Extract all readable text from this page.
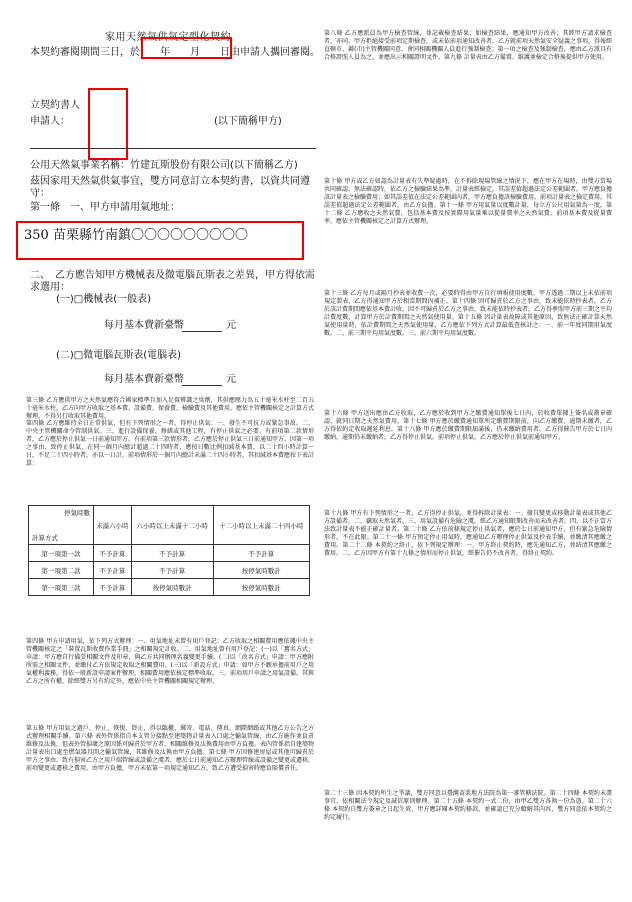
家用天然氣供氣定型化契約
本契約審閱期間三日，於　　年　　月　　日由申請人攜回審閱。
立契約書人
申請人：	(以下簡稱甲方)
公用天然氣事業名稱：竹建瓦斯股份有限公司(以下簡稱乙方)
茲因家用天然氣供氣事宜，雙方同意訂立本契約書，以資共同遵守：
第一條　一、甲方申請用氣地址：
350 苗栗縣竹南鎮〇〇〇〇〇〇〇〇〇
二、　乙方應告知甲方機械表及微電腦瓦斯表之差異，甲方得依需求選用：
(一)□機械表(一般表)
　　每月基本費新臺幣	元
(二)□微電腦瓦斯表(電腦表)
　　每月基本費新臺幣	元
第三條 乙方應供甲方之天然氣應符合國家標準且加入足資辨識之臭劑，其供應壓力為五十毫米水柱至二百五十毫米水柱。乙方向甲方收取之基本費、設備費、保養費、檢驗費及其他費用，應依主管機關核定之計算方式辦理，不得另行收取其他費用。
第四條 乙方應維持全日正常供氣，但有下列情形之一者，得停止供氣：一、發生不可抗力或緊急事故。二、中央主管機關命令管制供氣。三、進行設備保養、修繕或其他工程，有停止供氣之必要。有前項第二款情形者，乙方應於停止供氣一日前通知甲方，有前項第三款情形者，乙方應於停止供氣三日前通知甲方。因第一項之事由，致停止供氣，在同一個月內總計超過二十四時者，應按日數比例扣減基本費，以二十四小時計算一日，不足二十四小時者，亦以一日計。前項情形於一個月內總計未滿二十四小時者，其扣減基本費應按下表計算：
停氣時數
計算方式	未滿六小時	六小時以上未滿十二小時	十二小時以上未滿二十四小時
第一項第一款	不予計算	不予計算	不予計算
第一項第二款	不予計算	不予計算	按停氣時數計
第一項第三款	不予計算	按停氣時數計	按停氣時數計
第四條 甲方申請用氣，依下列方式辦理：一、用氣地址未曾有用戶登記：乙方收取之相關費用應依據中央主管機關核定之「裝置瓦斯收費作業手冊」之相關規定計收。二、用氣地址曾有用戶登記：(一)以「舊名方式」申請：甲方應自行備妥相關文件及印章，與乙方共同辦理名義變更手續。(二)以「改名方式」申請：甲方應附所需之相關文件，並繳付乙方依規定收取之相關費用。(三)以「新設方式」申請：如甲方不願承擔前用戶之用氣權利義務，得依一般新設申請案件辦理，相關費用應依核定標準收取。三、前項用戶申請之用氣設備，其與乙方之所有權，除經雙方另有約定外，應依中央主管機關相關規定辦理。
第五條 甲方用氣之過戶、停止、恢復、終止，得以臨櫃、郵寄、電話、傳真、網際網路或其他乙方公告之方式辦理相關手續。第六條 表外管係指自本支管分接點至建築物計量表入口處之輸氣管線，由乙方施作並負責維修及汰換，但表外管損壞之原因係可歸責於甲方者，相關維修及汰換費用由甲方負擔。表內管係指自建築物計量表出口處至燃氣器具間之輸氣管線，其維修及汰換由甲方負擔。第七條 甲方因修建房屋或其他可歸責於甲方之事由，致有損害乙方之用戶端管線或設備之虞者，應於七日前通知乙方辦理管線或設備之變更或遷移，前項變更或遷移之費用，由甲方負擔，甲方未依第一項規定通知乙方，致乙方遭受損害時應負賠償責任。
第八條 乙方應派員為甲方檢查管線，並記載檢查結果；如檢查結果，應通知甲方改善；其經甲方請求檢查者，亦同。甲方拒絕接受前項定期檢查，或未依前項通知改善者，乙方就前項天然氣安全疑義之事項，得報經直轄市、縣(市)主管機關同意，會同相關機關人員進行強制檢查；第一項之檢查及強制檢查，應由乙方派具有合格證照人員為之，並應出示相關證明文件。第九條 計量表由乙方備置、維護並檢定合格後提供甲方使用。
第十條 甲方或乙方如認為計量表有失準疑慮時，在不拆除現場管線之情況下，應在甲方在場時，由雙方當場共同確認，無法確認時，依乙方之檢驗結果為準，計量表經檢定，其誤差值超過法定公差範圍者，甲方應負擔該計量表之檢驗費用；如其誤差值在法定公差範圍內者，甲方應負擔該檢驗費用。前項計量表之檢定費用，其誤差值超過法定公差範圍者，由乙方負擔。第十一條 甲方用氣量以度數計量，每立方公尺用氣量為一度。第十二條 乙方應收之天然氣費，包括基本費及按實際用氣量乘以從量費率之天然氣費，前項基本費及從量費率，應依主管機關核定之計算方式辦理。
第十三條 乙方每月或隔月抄表並收費一次，必要時得由甲方自行填報使用度數，甲方透過二期以上未依前項規定製表，乙方得通知甲方於相當期間內補正。第十四條 因可歸責於乙方之事由，致未能依時抄表者，乙方於該計費期間應依基本費計收，因不可歸責於乙方之事由，致未能依時抄表者，乙方得參照甲方前三期之平均計費度數，計算甲方於計費期間之天然氣使用量。第十五條 因計量表故障或其他原因，致無法正確計算天然氣使用量時，依計費期間之天然氣使用量，乙方應依下列方式計算最低查核計之：一、前一年度同期用氣度數。二、前三期平均用氣度數。三、前六期平均用氣度數。
第十六條 甲方送出應由乙方收取，乙方應於收到甲方之繳費通知單後七日內，於收費單據上簽名或蓋章確認，就同日期之天然氣費用。第十七條 甲方應於繳費通知單所定繳費期限前，向乙方繳費，逾期未繳者，乙方得依約定收取遲延利息。第十八條 甲方應於繳費期限屆滿後，仍未繳納費用者，乙方得催告甲方於七日內繳納，逾期仍未繳納者，乙方得停止供氣。前項停止供氣，乙方應於停止供氣前通知甲方。
第十九條 甲方有下列情形之一者，乙方得停止供氣，並得拆除計量表：一、擅自變更或移動計量表或其他乙方設備者。二、竊取天然氣者。三、用氣設備有危險之虞，經乙方通知限期改善而未改善者。四、以不正當方法致計量表不能正確計量者。第二十條 乙方依前條規定停止供氣者，應於七日前通知甲方，但有緊急危險情形者，不在此限。第二十一條 甲方預定停止用氣時，應通知乙方辦理停止供氣及抄表手續，並繳清其應繳之費用。第二十二條 本契約之終止，依下列規定辦理：一、甲方終止契約時，應先通知乙方，並結清其應繳之費用。二、乙方因甲方有第十九條之情形而停止供氣，經催告仍不改善者，得終止契約。
第二十三條 因本契約所生之爭議，雙方同意以臺灣苗栗地方法院為第一審管轄法院。第二十四條 本契約未盡事宜，依相關法令規定及誠信原則辦理。第二十五條 本契約一式二份，由甲乙雙方各執一份為憑。第二十六條 本契約自雙方簽章之日起生效，甲方應詳閱本契約條款，並確認已充分瞭解其內容，雙方同意依本契約之約定履行。
